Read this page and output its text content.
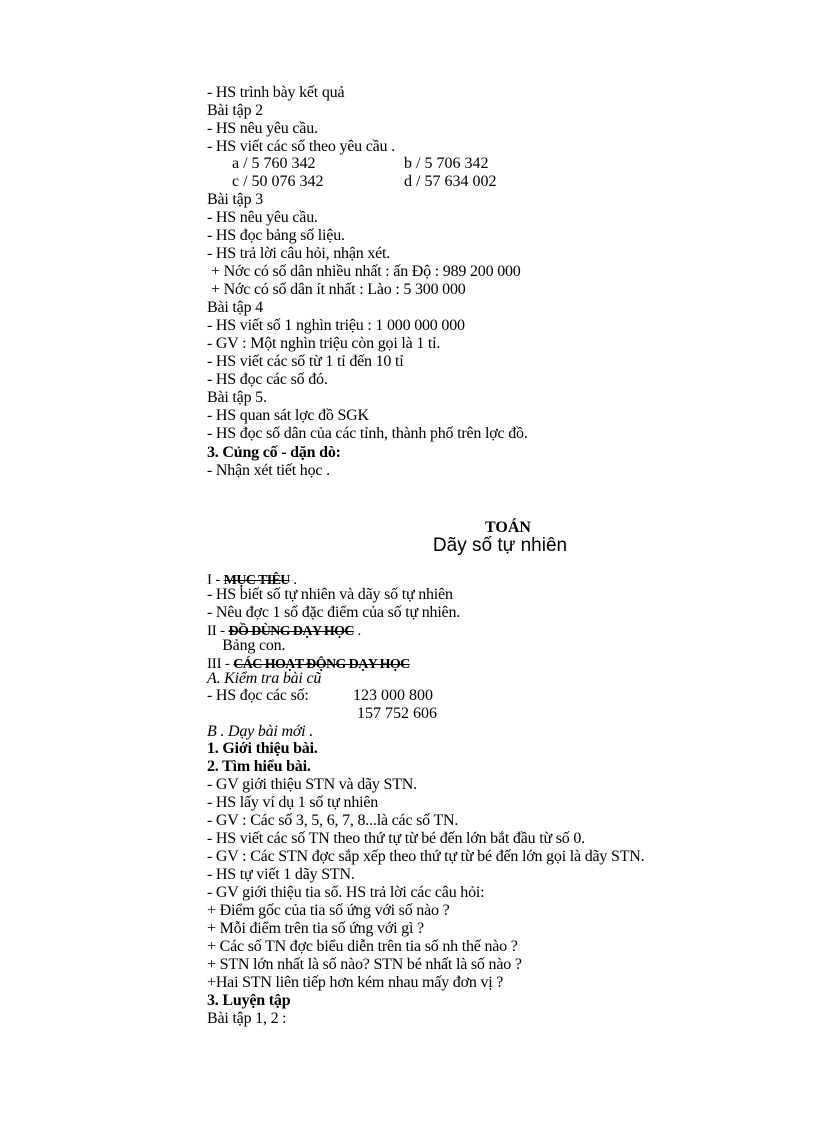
- HS trình bày kết quả
Bài tập 2
- HS nêu yêu cầu.
- HS viết các số theo yêu cầu .
a / 5 760 342	b / 5 706 342
c / 50 076 342	d / 57 634 002
Bài tập 3
- HS nêu yêu cầu.
- HS đọc bảng số liệu.
- HS trả lời câu hỏi, nhận xét.
+ Nớc có số dân nhiều nhất : ấn Độ : 989 200 000
+ Nớc có số dân ít nhất : Lào : 5 300 000
Bài tập 4
- HS viết số 1 nghìn triệu : 1 000 000 000
- GV : Một nghìn triệu còn gọi là 1 tỉ.
- HS viết các số từ 1 tỉ đến 10 tỉ
- HS đọc các số đó.
Bài tập 5.
- HS quan sát lợc đồ SGK
- HS đọc số dân của các tỉnh, thành phố trên lợc đồ.
3. Củng cố - dặn dò:
- Nhận xét tiết học .
TOÁN
Dãy số tự nhiên
I - MỤC TIÊU .
- HS biết số tự nhiên và dãy số tự nhiên
- Nêu đợc 1 số đặc điểm của số tự nhiên.
II - ĐỒ DÙNG DẠY HỌC .
Bảng con.
III - CÁC HOẠT ĐỘNG DẠY HỌC
A. Kiểm tra bài cũ
- HS đọc các số:	123 000 800
157 752 606
B . Dạy bài mới .
1. Giới thiệu bài.
2. Tìm hiểu bài.
- GV giới thiệu STN và dãy STN.
- HS lấy ví dụ 1 số tự nhiên
- GV : Các số 3, 5, 6, 7, 8...là các số TN.
- HS viết các số TN theo thứ tự từ bé đến lớn bắt đầu từ số 0.
- GV : Các STN đợc sắp xếp theo thứ tự từ bé đến lớn gọi là dãy STN.
- HS tự viết 1 dãy STN.
- GV giới thiệu tia số. HS trả lời các câu hỏi:
+ Điểm gốc của tia số ứng với số nào ?
+ Mỗi điểm trên tia số ứng với gì ?
+ Các số TN đợc biểu diễn trên tia số nh thế nào ?
+ STN lớn nhất là số nào? STN bé nhất là số nào ?
+Hai STN liên tiếp hơn kém nhau mấy đơn vị ?
3. Luyện tập
Bài tập 1, 2 :
